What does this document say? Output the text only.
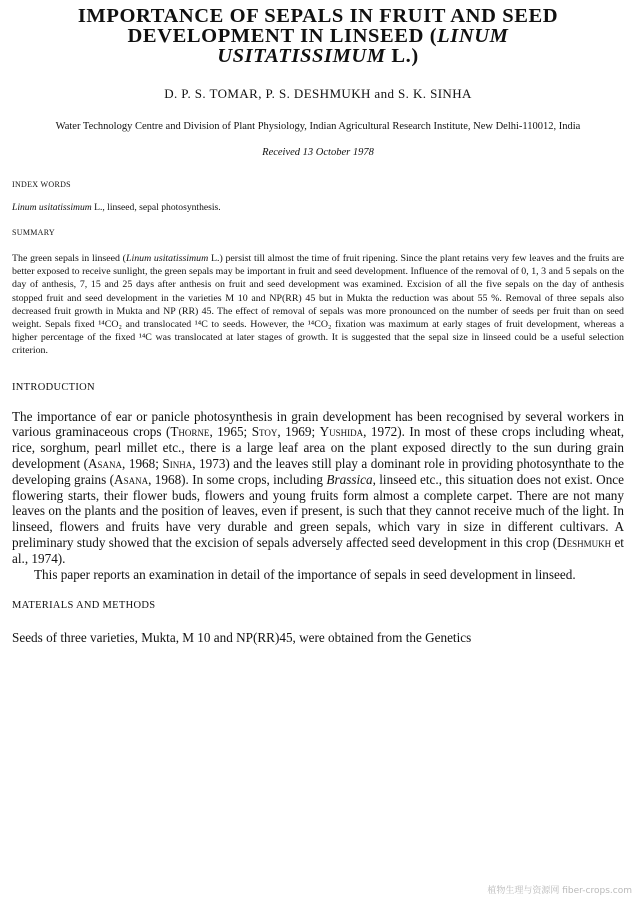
IMPORTANCE OF SEPALS IN FRUIT AND SEED

DEVELOPMENT IN LINSEED (LINUM

USITATISSIMUM L.)

D. P. S. TOMAR, P. S. DESHMUKH and S. K. SINHA

Water Technology Centre and Division of Plant Physiology, Indian Agricultural Research Institute, New Delhi-110012, India

Received 13 October 1978

INDEX WORDS

Linum usitatissimum L., linseed, sepal photosynthesis.

SUMMARY

The green sepals in linseed (Linum usitatissimum L.) persist till almost the time of fruit ripening. Since the plant retains very few leaves and the fruits are better exposed to receive sunlight, the green sepals may be important in fruit and seed development. Influence of the removal of 0, 1, 3 and 5 sepals on the day of anthesis, 7, 15 and 25 days after anthesis on fruit and seed development was examined. Excision of all the five sepals on the day of anthesis stopped fruit and seed development in the varieties M 10 and NP(RR) 45 but in Mukta the reduction was about 55 %. Removal of three sepals also decreased fruit growth in Mukta and NP (RR) 45. The effect of removal of sepals was more pronounced on the number of seeds per fruit than on seed weight. Sepals fixed ¹⁴CO₂ and translocated ¹⁴C to seeds. However, the ¹⁴CO₂ fixation was maximum at early stages of fruit development, whereas a higher percentage of the fixed ¹⁴C was translocated at later stages of growth. It is suggested that the sepal size in linseed could be a useful selection criterion.

INTRODUCTION

The importance of ear or panicle photosynthesis in grain development has been recognised by several workers in various graminaceous crops (Thorne, 1965; Stoy, 1969; Yushida, 1972). In most of these crops including wheat, rice, sorghum, pearl millet etc., there is a large leaf area on the plant exposed directly to the sun during grain development (Asana, 1968; Sinha, 1973) and the leaves still play a dominant role in providing photosynthate to the developing grains (Asana, 1968). In some crops, including Brassica, linseed etc., this situation does not exist. Once flowering starts, their flower buds, flowers and young fruits form almost a complete carpet. There are not many leaves on the plants and the position of leaves, even if present, is such that they cannot receive much of the light. In linseed, flowers and fruits have very durable and green sepals, which vary in size in different cultivars. A preliminary study showed that the excision of sepals adversely affected seed development in this crop (Deshmukh et al., 1974).

This paper reports an examination in detail of the importance of sepals in seed development in linseed.

MATERIALS AND METHODS

Seeds of three varieties, Mukta, M 10 and NP(RR)45, were obtained from the Genetics

植物生理与资源网 fiber-crops.com
